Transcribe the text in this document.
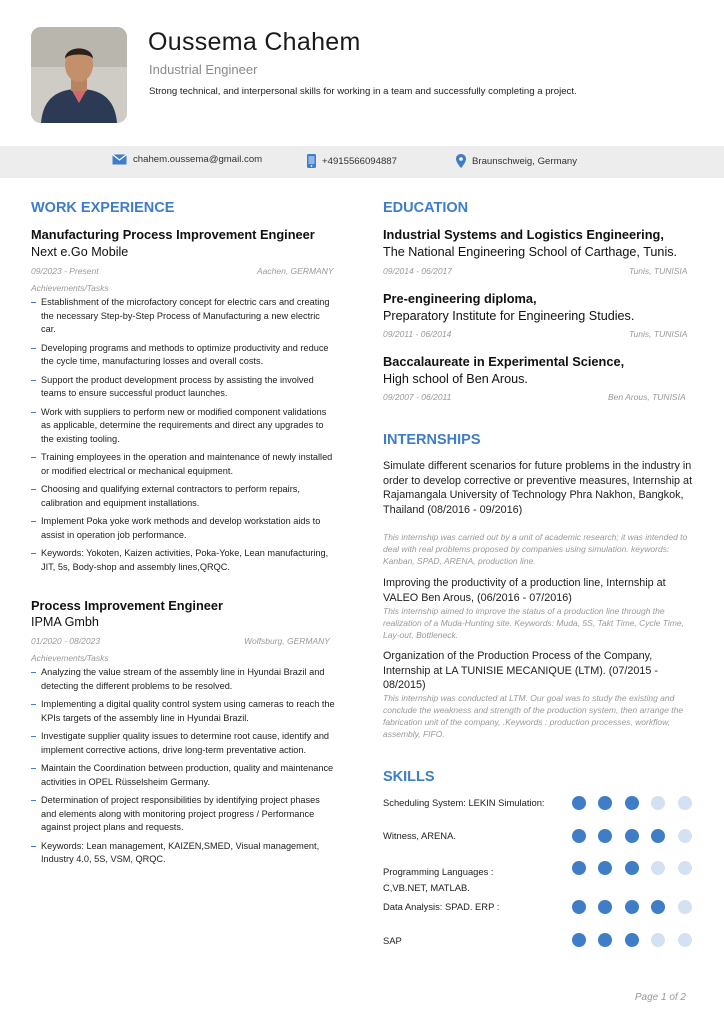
Oussema Chahem
Industrial Engineer
Strong technical, and interpersonal skills for working in a team and successfully completing a project.
chahem.oussema@gmail.com	+4915566094887	Braunschweig, Germany
WORK EXPERIENCE
Manufacturing Process Improvement Engineer
Next e.Go Mobile
09/2023 - Present	Aachen, GERMANY
Achievements/Tasks
Establishment of the microfactory concept for electric cars and creating the necessary Step-by-Step Process of Manufacturing a new electric car.
Developing programs and methods to optimize productivity and reduce the cycle time, manufacturing losses and overall costs.
Support the product development process by assisting the involved teams to ensure successful product launches.
Work with suppliers to perform new or modified component validations as applicable, determine the requirements and direct any upgrades to the existing tooling.
Training employees in the operation and maintenance of newly installed or modified electrical or mechanical equipment.
Choosing and qualifying external contractors to perform repairs, calibration and equipment installations.
Implement Poka yoke work methods and develop workstation aids to assist in operation job performance.
Keywords: Yokoten, Kaizen activities, Poka-Yoke, Lean manufacturing, JIT, 5s, Body-shop and assembly lines,QRQC.
Process Improvement Engineer
IPMA Gmbh
01/2020 - 08/2023	Wolfsburg, GERMANY
Achievements/Tasks
Analyzing the value stream of the assembly line in Hyundai Brazil and detecting the different problems to be resolved.
Implementing a digital quality control system using cameras to reach the KPIs targets of the assembly line in Hyundai Brazil.
Investigate supplier quality issues to determine root cause, identify and implement corrective actions, drive long-term preventative action.
Maintain the Coordination between production, quality and maintenance activities in OPEL Rüsselsheim Germany.
Determination of project responsibilities by identifying project phases and elements along with monitoring project progress / Performance against project plans and requests.
Keywords: Lean management, KAIZEN,SMED, Visual management, Industry 4.0, 5S, VSM, QRQC.
EDUCATION
Industrial Systems and Logistics Engineering,
The National Engineering School of Carthage, Tunis.
09/2014 - 06/2017	Tunis, TUNISIA
Pre-engineering diploma,
Preparatory Institute for Engineering Studies.
09/2011 - 06/2014	Tunis, TUNISIA
Baccalaureate in Experimental Science,
High school of Ben Arous.
09/2007 - 06/2011	Ben Arous, TUNISIA
INTERNSHIPS
Simulate different scenarios for future problems in the industry in order to develop corrective or preventive measures, Internship at Rajamangala University of Technology Phra Nakhon, Bangkok, Thailand (08/2016 - 09/2016)
This internship was carried out by a unit of academic research; it was intended to deal with real problems proposed by companies using simulation. keywords: Kanban, SPAD, ARENA, production line.
Improving the productivity of a production line, Internship at VALEO Ben Arous, (06/2016 - 07/2016)
This internship aimed to improve the status of a production line through the realization of a Muda-Hunting site. Keywords: Muda, 5S, Takt Time, Cycle Time, Lay-out, Bottleneck.
Organization of the Production Process of the Company, Internship at LA TUNISIE MECANIQUE (LTM). (07/2015 - 08/2015)
This internship was conducted at LTM. Our goal was to study the existing and conclude the weakness and strength of the production system, then arrange the fabrication unit of the company, .Keywords : production processes, workflow, assembly, FIFO.
SKILLS
Scheduling System: LEKIN Simulation:
Witness, ARENA.
Programming Languages : C,VB.NET, MATLAB.
Data Analysis: SPAD. ERP :
SAP
Page 1 of 2
